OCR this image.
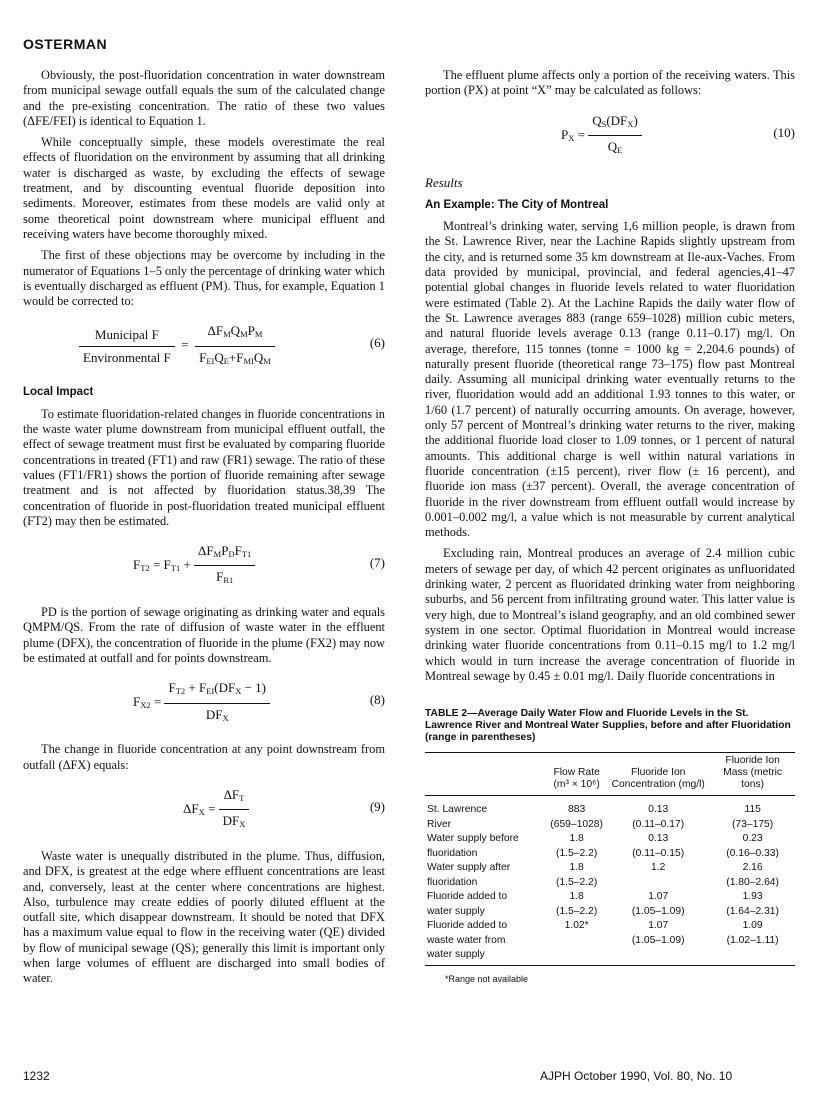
OSTERMAN

Obviously, the post-fluoridation concentration in water downstream from municipal sewage outfall equals the sum of the calculated change and the pre-existing concentration. The ratio of these two values (ΔFE/FEI) is identical to Equation 1.

While conceptually simple, these models overestimate the real effects of fluoridation on the environment by assuming that all drinking water is discharged as waste, by excluding the effects of sewage treatment, and by discounting eventual fluoride deposition into sediments. Moreover, estimates from these models are valid only at some theoretical point downstream where municipal effluent and receiving waters have become thoroughly mixed.

The first of these objections may be overcome by including in the numerator of Equations 1–5 only the percentage of drinking water which is eventually discharged as effluent (PM). Thus, for example, Equation 1 would be corrected to:

$\frac{\text{Municipal F}}{\text{Environmental F}} = \frac{\Delta F_MQ_MP_M}{F_{EI}Q_E+F_{MI}Q_M}$	(6)

Local Impact

To estimate fluoridation-related changes in fluoride concentrations in the waste water plume downstream from municipal effluent outfall, the effect of sewage treatment must first be evaluated by comparing fluoride concentrations in treated (FT1) and raw (FR1) sewage. The ratio of these values (FT1/FR1) shows the portion of fluoride remaining after sewage treatment and is not affected by fluoridation status.38,39 The concentration of fluoride in post-fluoridation treated municipal effluent (FT2) may then be estimated.

$F_{T2} = F_{T1} + \frac{\Delta F_MP_DF_{T1}}{F_{R1}}$	(7)

PD is the portion of sewage originating as drinking water and equals QMPM/QS. From the rate of diffusion of waste water in the effluent plume (DFX), the concentration of fluoride in the plume (FX2) may now be estimated at outfall and for points downstream.

$F_{X2} = \frac{F_{T2} + F_{EI}(DF_X - 1)}{DF_X}$	(8)

The change in fluoride concentration at any point downstream from outfall (ΔFX) equals:

$\Delta F_X = \frac{\Delta F_T}{DF_X}$	(9)

Waste water is unequally distributed in the plume. Thus, diffusion, and DFX, is greatest at the edge where effluent concentrations are least and, conversely, least at the center where concentrations are highest. Also, turbulence may create eddies of poorly diluted effluent at the outfall site, which disappear downstream. It should be noted that DFX has a maximum value equal to flow in the receiving water (QE) divided by flow of municipal sewage (QS); generally this limit is important only when large volumes of effluent are discharged into small bodies of water.

The effluent plume affects only a portion of the receiving waters. This portion (PX) at point “X” may be calculated as follows:

$P_X = \frac{Q_S(DF_X)}{Q_E}$	(10)

Results

An Example: The City of Montreal

Montreal’s drinking water, serving 1,6 million people, is drawn from the St. Lawrence River, near the Lachine Rapids slightly upstream from the city, and is returned some 35 km downstream at Ile-aux-Vaches. From data provided by municipal, provincial, and federal agencies,41–47 potential global changes in fluoride levels related to water fluoridation were estimated (Table 2). At the Lachine Rapids the daily water flow of the St. Lawrence averages 883 (range 659–1028) million cubic meters, and natural fluoride levels average 0.13 (range 0.11–0.17) mg/l. On average, therefore, 115 tonnes (tonne = 1000 kg = 2,204.6 pounds) of naturally present fluoride (theoretical range 73–175) flow past Montreal daily. Assuming all municipal drinking water eventually returns to the river, fluoridation would add an additional 1.93 tonnes to this water, or 1/60 (1.7 percent) of naturally occurring amounts. On average, however, only 57 percent of Montreal’s drinking water returns to the river, making the additional fluoride load closer to 1.09 tonnes, or 1 percent of natural amounts. This additional charge is well within natural variations in fluoride concentration (±15 percent), river flow (± 16 percent), and fluoride ion mass (±37 percent). Overall, the average concentration of fluoride in the river downstream from effluent outfall would increase by 0.001–0.002 mg/l, a value which is not measurable by current analytical methods.

Excluding rain, Montreal produces an average of 2.4 million cubic meters of sewage per day, of which 42 percent originates as unfluoridated drinking water, 2 percent as fluoridated drinking water from neighboring suburbs, and 56 percent from infiltrating ground water. This latter value is very high, due to Montreal’s island geography, and an old combined sewer system in one sector. Optimal fluoridation in Montreal would increase drinking water fluoride concentrations from 0.11–0.15 mg/l to 1.2 mg/l which would in turn increase the average concentration of fluoride in Montreal sewage by 0.45 ± 0.01 mg/l. Daily fluoride concentrations in

TABLE 2—Average Daily Water Flow and Fluoride Levels in the St. Lawrence River and Montreal Water Supplies, before and after Fluoridation (range in parentheses)
	Flow Rate (m³ × 10⁶)	Fluoride Ion Concentration (mg/l)	Fluoride Ion Mass (metric tons)
St. Lawrence	883	0.13	115
River	(659–1028)	(0.11–0.17)	(73–175)
Water supply before	1.8	0.13	0.23
fluoridation	(1.5–2.2)	(0.11–0.15)	(0.16–0.33)
Water supply after	1.8	1.2	2.16
fluoridation	(1.5–2.2)		(1.80–2.64)
Fluoride added to	1.8	1.07	1.93
water supply	(1.5–2.2)	(1.05–1.09)	(1.64–2.31)
Fluoride added to	1.02*	1.07	1.09
waste water from		(1.05–1.09)	(1.02–1.11)
water supply			
*Range not available
1232	AJPH October 1990, Vol. 80, No. 10
